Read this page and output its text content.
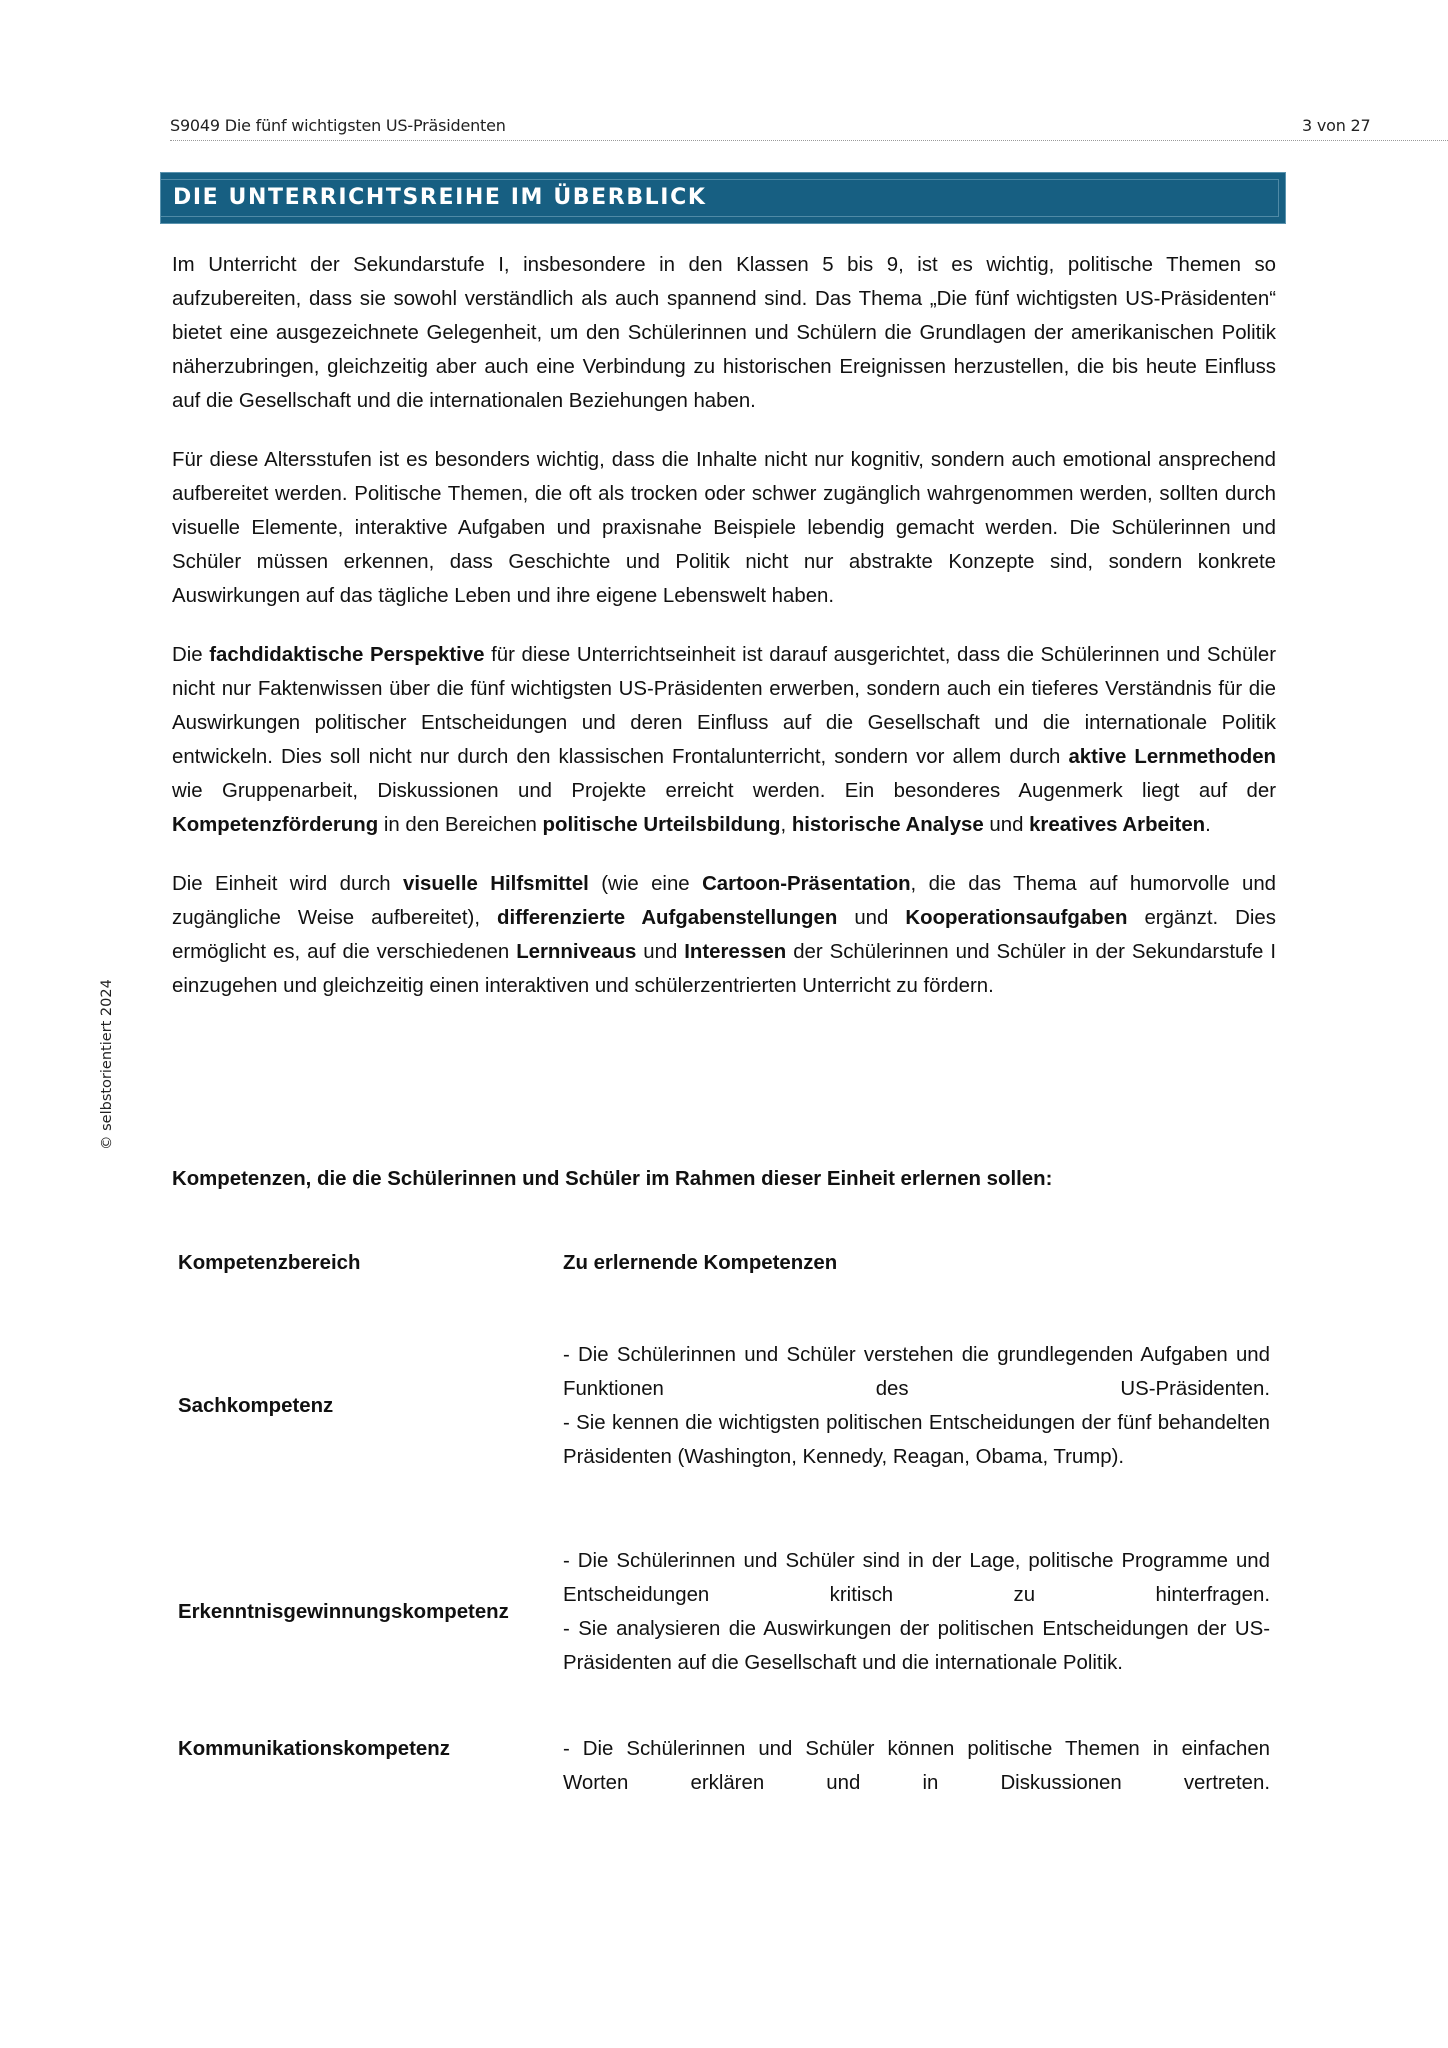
S9049 Die fünf wichtigsten US-Präsidenten	3 von 27
DIE UNTERRICHTSREIHE IM ÜBERBLICK
© selbstorientiert 2024

Im Unterricht der Sekundarstufe I, insbesondere in den Klassen 5 bis 9, ist es wichtig, politische Themen so aufzubereiten, dass sie sowohl verständlich als auch spannend sind. Das Thema „Die fünf wichtigsten US-Präsidenten“ bietet eine ausgezeichnete Gelegenheit, um den Schülerinnen und Schülern die Grundlagen der amerikanischen Politik näherzubringen, gleichzeitig aber auch eine Verbindung zu historischen Ereignissen herzustellen, die bis heute Einfluss auf die Gesellschaft und die internationalen Beziehungen haben.

Für diese Altersstufen ist es besonders wichtig, dass die Inhalte nicht nur kognitiv, sondern auch emotional ansprechend aufbereitet werden. Politische Themen, die oft als trocken oder schwer zugänglich wahrgenommen werden, sollten durch visuelle Elemente, interaktive Aufgaben und praxisnahe Beispiele lebendig gemacht werden. Die Schülerinnen und Schüler müssen erkennen, dass Geschichte und Politik nicht nur abstrakte Konzepte sind, sondern konkrete Auswirkungen auf das tägliche Leben und ihre eigene Lebenswelt haben.

Die fachdidaktische Perspektive für diese Unterrichtseinheit ist darauf ausgerichtet, dass die Schülerinnen und Schüler nicht nur Faktenwissen über die fünf wichtigsten US-Präsidenten erwerben, sondern auch ein tieferes Verständnis für die Auswirkungen politischer Entscheidungen und deren Einfluss auf die Gesellschaft und die internationale Politik entwickeln. Dies soll nicht nur durch den klassischen Frontalunterricht, sondern vor allem durch aktive Lernmethoden wie Gruppenarbeit, Diskussionen und Projekte erreicht werden. Ein besonderes Augenmerk liegt auf der Kompetenzförderung in den Bereichen politische Urteilsbildung, historische Analyse und kreatives Arbeiten.

Die Einheit wird durch visuelle Hilfsmittel (wie eine Cartoon-Präsentation, die das Thema auf humorvolle und zugängliche Weise aufbereitet), differenzierte Aufgabenstellungen und Kooperationsaufgaben ergänzt. Dies ermöglicht es, auf die verschiedenen Lernniveaus und Interessen der Schülerinnen und Schüler in der Sekundarstufe I einzugehen und gleichzeitig einen interaktiven und schülerzentrierten Unterricht zu fördern.

Kompetenzen, die die Schülerinnen und Schüler im Rahmen dieser Einheit erlernen sollen:

Kompetenzbereich	Zu erlernende Kompetenzen

Sachkompetenz	- Die Schülerinnen und Schüler verstehen die grundlegenden Aufgaben und Funktionen des US-Präsidenten.
- Sie kennen die wichtigsten politischen Entscheidungen der fünf behandelten Präsidenten (Washington, Kennedy, Reagan, Obama, Trump).

Erkenntnisgewinnungskompetenz	- Die Schülerinnen und Schüler sind in der Lage, politische Programme und Entscheidungen kritisch zu hinterfragen.
- Sie analysieren die Auswirkungen der politischen Entscheidungen der US-Präsidenten auf die Gesellschaft und die internationale Politik.

Kommunikationskompetenz	- Die Schülerinnen und Schüler können politische Themen in einfachen Worten erklären und in Diskussionen vertreten.
